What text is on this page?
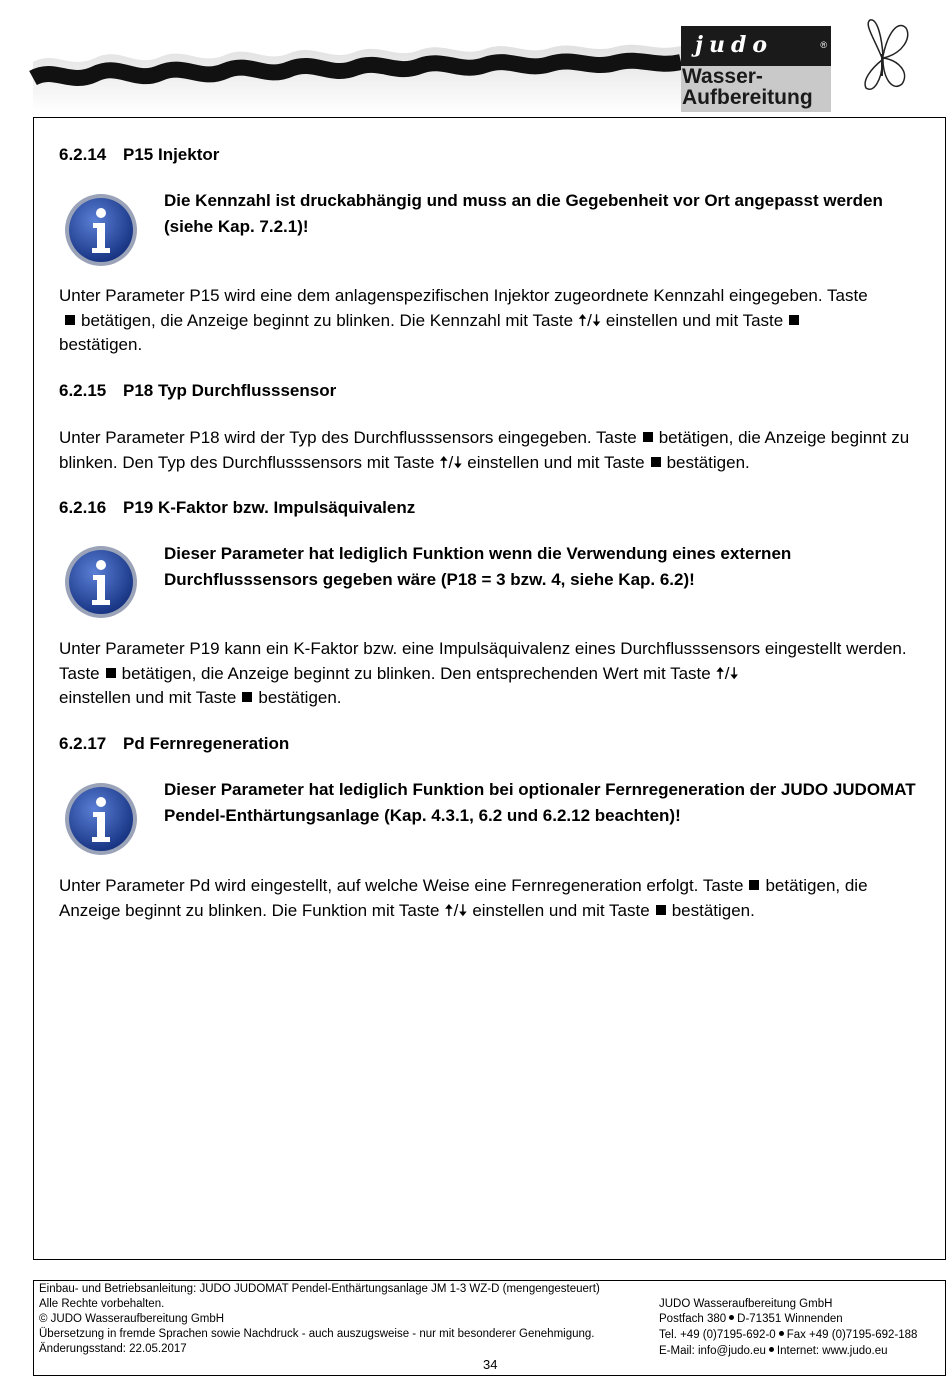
judo	®
Wasser-
Aufbereitung
6.2.14 P15 Injektor
Die Kennzahl ist druckabhängig und muss an die Gegebenheit vor Ort angepasst werden (siehe Kap. 7.2.1)!
Unter Parameter P15 wird eine dem anlagenspezifischen Injektor zugeordnete Kennzahl eingegeben. Taste
betätigen, die Anzeige beginnt zu blinken. Die Kennzahl mit Taste 🠅/🠇 einstellen und mit Taste
bestätigen.
6.2.15 P18 Typ Durchflusssensor
Unter Parameter P18 wird der Typ des Durchflusssensors eingegeben. Taste betätigen, die Anzeige beginnt zu blinken. Den Typ des Durchflusssensors mit Taste 🠅/🠇 einstellen und mit Taste bestätigen.
6.2.16 P19 K-Faktor bzw. Impulsäquivalenz
Dieser Parameter hat lediglich Funktion wenn die Verwendung eines externen Durchflusssensors gegeben wäre (P18 = 3 bzw. 4, siehe Kap. 6.2)!
Unter Parameter P19 kann ein K-Faktor bzw. eine Impulsäquivalenz eines Durchflusssensors eingestellt werden. Taste betätigen, die Anzeige beginnt zu blinken. Den entsprechenden Wert mit Taste 🠅/🠇
einstellen und mit Taste bestätigen.
6.2.17 Pd Fernregeneration
Dieser Parameter hat lediglich Funktion bei optionaler Fernregeneration der JUDO JUDOMAT Pendel-Enthärtungsanlage (Kap. 4.3.1, 6.2 und 6.2.12 beachten)!
Unter Parameter Pd wird eingestellt, auf welche Weise eine Fernregeneration erfolgt. Taste betätigen, die Anzeige beginnt zu blinken. Die Funktion mit Taste 🠅/🠇 einstellen und mit Taste bestätigen.
Einbau- und Betriebsanleitung: JUDO JUDOMAT Pendel-Enthärtungsanlage JM 1-3 WZ-D (mengengesteuert)
Alle Rechte vorbehalten.
© JUDO Wasseraufbereitung GmbH
Übersetzung in fremde Sprachen sowie Nachdruck - auch auszugsweise - nur mit besonderer Genehmigung.
Änderungsstand: 22.05.2017
JUDO Wasseraufbereitung GmbH
Postfach 380 D-71351 Winnenden
Tel. +49 (0)7195-692-0 Fax +49 (0)7195-692-188
E-Mail: info@judo.eu Internet: www.judo.eu
34
